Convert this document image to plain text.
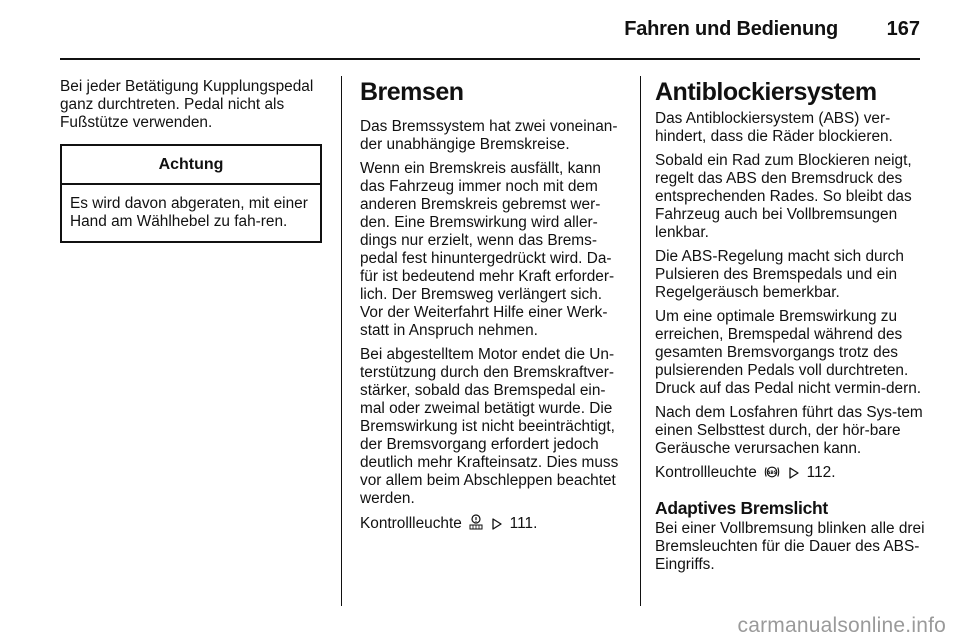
Fahren und Bedienung 167

Bei jeder Betätigung Kupplungspedal ganz durchtreten. Pedal nicht als Fußstütze verwenden.

Achtung
Es wird davon abgeraten, mit einer Hand am Wählhebel zu fah-ren.
Bremsen

Das Bremssystem hat zwei voneinan-der unabhängige Bremskreise.

Wenn ein Bremskreis ausfällt, kann das Fahrzeug immer noch mit dem anderen Bremskreis gebremst wer-den. Eine Bremswirkung wird aller-dings nur erzielt, wenn das Brems-pedal fest hinuntergedrückt wird. Da-für ist bedeutend mehr Kraft erforder-lich. Der Bremsweg verlängert sich. Vor der Weiterfahrt Hilfe einer Werk-statt in Anspruch nehmen.

Bei abgestelltem Motor endet die Un-terstützung durch den Bremskraftver-stärker, sobald das Bremspedal ein-mal oder zweimal betätigt wurde. Die Bremswirkung ist nicht beeinträchtigt, der Bremsvorgang erfordert jedoch deutlich mehr Krafteinsatz. Dies muss vor allem beim Abschleppen beachtet werden.

Kontrollleuchte	111.

Antiblockiersystem

Das Antiblockiersystem (ABS) ver-hindert, dass die Räder blockieren.

Sobald ein Rad zum Blockieren neigt, regelt das ABS den Bremsdruck des entsprechenden Rades. So bleibt das Fahrzeug auch bei Vollbremsungen lenkbar.

Die ABS-Regelung macht sich durch Pulsieren des Bremspedals und ein Regelgeräusch bemerkbar.

Um eine optimale Bremswirkung zu erreichen, Bremspedal während des gesamten Bremsvorgangs trotz des pulsierenden Pedals voll durchtreten. Druck auf das Pedal nicht vermin-dern.

Nach dem Losfahren führt das Sys-tem einen Selbsttest durch, der hör-bare Geräusche verursachen kann.

Kontrollleuchte ABS 112.

Adaptives Bremslicht

Bei einer Vollbremsung blinken alle drei Bremsleuchten für die Dauer des ABS-Eingriffs.

carmanualsonline.info
